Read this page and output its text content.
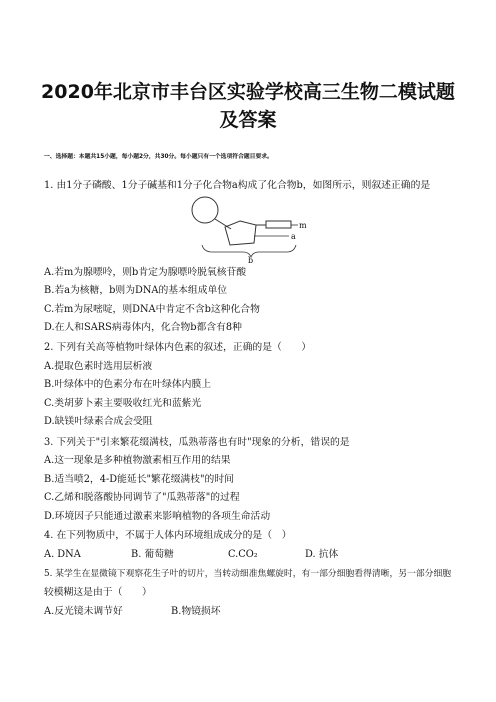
2020年北京市丰台区实验学校高三生物二模试题
及答案
一、选择题：本题共15小题，每小题2分，共30分。每小题只有一个选项符合题目要求。
1. 由1分子磷酸、1分子碱基和1分子化合物a构成了化合物b，如图所示，则叙述正确的是
m
a
b
A.若m为腺嘌呤，则b肯定为腺嘌呤脱氧核苷酸
B.若a为核糖，b则为DNA的基本组成单位
C.若m为尿嘧啶，则DNA中肯定不含b这种化合物
D.在人和SARS病毒体内，化合物b都含有8种
2. 下列有关高等植物叶绿体内色素的叙述，正确的是（　　）
A.提取色素时选用层析液
B.叶绿体中的色素分布在叶绿体内膜上
C.类胡萝卜素主要吸收红光和蓝紫光
D.缺镁叶绿素合成会受阻
3. 下列关于"引来繁花缀满枝，瓜熟蒂落也有时"现象的分析，错误的是
A.这一现象是多种植物激素相互作用的结果
B.适当喷2，4-D能延长"繁花缀满枝"的时间
C.乙烯和脱落酸协同调节了"瓜熟蒂落"的过程
D.环境因子只能通过激素来影响植物的各项生命活动
4. 在下列物质中，不属于人体内环境组成成分的是（　）
A. DNA	B. 葡萄糖	C.CO₂	D. 抗体
5. 某学生在显微镜下观察花生子叶的切片，当转动细准焦螺旋时，有一部分细胞看得清晰，另一部分细胞
较模糊这是由于（　　）
A.反光镜未调节好	B.物镜损坏
